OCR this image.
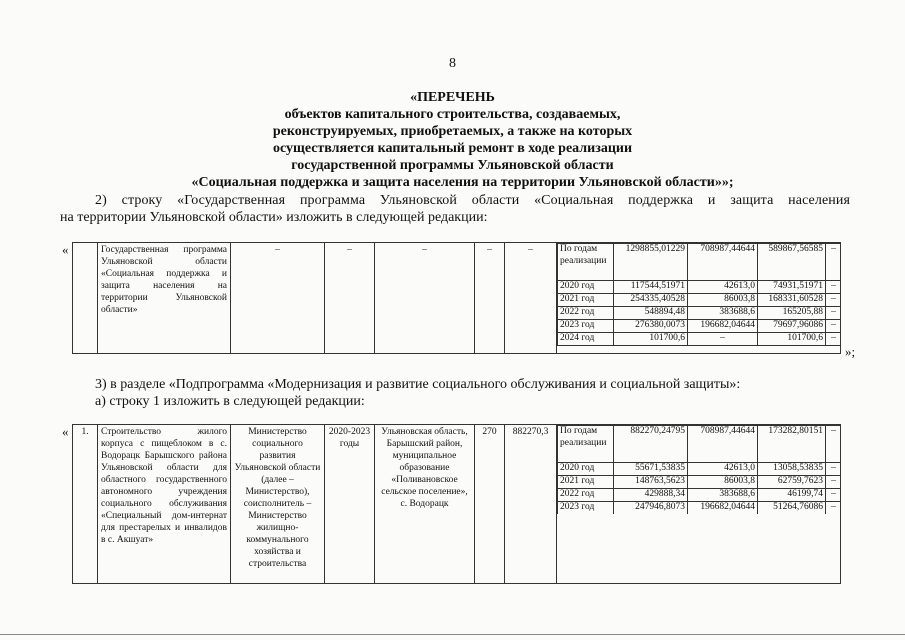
8
«ПЕРЕЧЕНЬ
объектов капитального строительства, создаваемых,
реконструируемых, приобретаемых, а также на которых
осуществляется капитальный ремонт в ходе реализации
государственной программы Ульяновской области
«Социальная поддержка и защита населения на территории Ульяновской области»»;
2) строку «Государственная программа Ульяновской области «Социальная поддержка и защита населения
на территории Ульяновской области» изложить в следующей редакции:
«
		Государственная программа Ульяновской области «Социальная поддержка и защита населения на территории Ульяновской области»	–	–	–	–	–		По годам реализации	1298855,01229	708987,44644	589867,56585	–
2020 год	117544,51971	42613,0	74931,51971	–
2021 год	254335,40528	86003,8	168331,60528	–
2022 год	548894,48	383688,6	165205,88	–
2023 год	276380,0073	196682,04644	79697,96086	–
2024 год	101700,6	–	101700,6	–
»;
3) в разделе «Подпрограмма «Модернизация и развитие социального обслуживания и социальной защиты»:
а) строку 1 изложить в следующей редакции:
« 1.	Строительство жилого корпуса с пищеблоком в с. Водорацк Барышского района Ульяновской области для областного государственного автономного учреждения социального обслуживания «Специальный дом-интернат для престарелых и инвалидов в с. Акшуат»	Министерство социального развития Ульяновской области (далее – Министерство), соисполнитель – Министерство жилищно-коммунального хозяйства и строительства	2020-2023 годы	Ульяновская область, Барышский район, муниципальное образование «Поливановское сельское поселение», с. Водорацк	270	882270,3	По годам реализации	882270,24795	708987,44644	173282,80151	–
2020 год	55671,53835	42613,0	13058,53835	–
2021 год	148763,5623	86003,8	62759,7623	–
2022 год	429888,34	383688,6	46199,74	–
2023 год	247946,8073	196682,04644	51264,76086	–
